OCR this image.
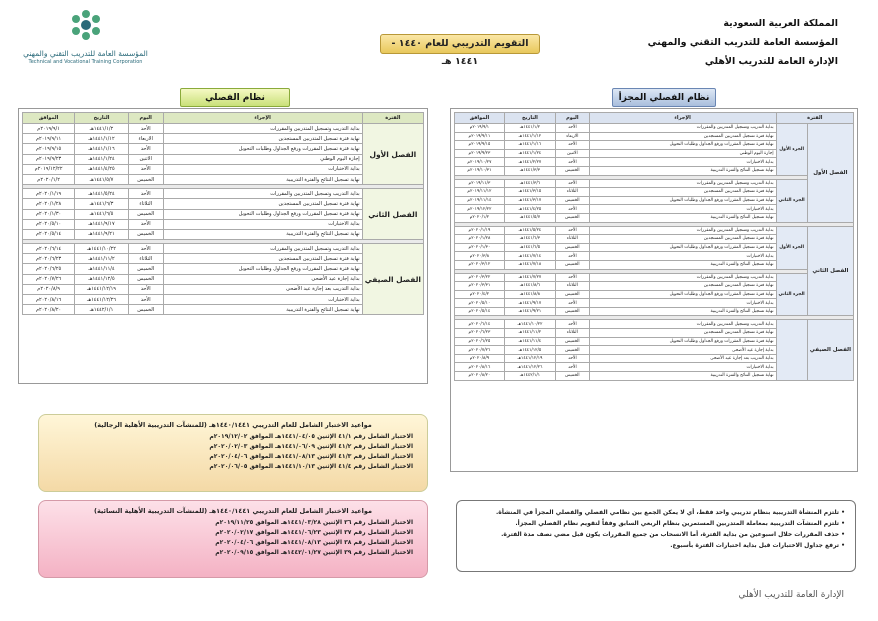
المملكة العربية السعودية
المؤسسة العامة للتدريب التقني والمهني
الإدارة العامة للتدريب الأهلي
المؤسسة العامة للتدريب التقني والمهني
Technical and Vocational Training Corporation
التقويم التدريبي للعام ١٤٤٠ - ١٤٤١ هـ
نظام الفصلي
الفترة	الإجراء	اليوم	التاريخ	الموافق
الفصل الأول	بداية التدريب وتسجيل المتدربين والمقررات	الأحد	١٤٤١/١/٢هـ	٢٠١٩/٩/١م
	نهاية فترة تسجيل المتدربين المستجدين	الاربعاء	١٤٤١/١/١٢هـ	٢٠١٩/٩/١١م
	نهاية فترة تسجيل المقررات ورفع الجداول وطلبات التحويل	الأحد	١٤٤١/١/١٦هـ	٢٠١٩/٩/١٥م
	إجازة اليوم الوطني	الاثنين	١٤٤١/١/٢٤هـ	٢٠١٩/٩/٢٣م
	بداية الاختبارات	الأحد	١٤٤١/٤/٢٥هـ	٢٠١٩/١٢/٢٢م
	نهاية تسجيل النتائج والفترة التدريبية	الخميس	١٤٤١/٥/٧هـ	٢٠٢٠/١/٢م

الفصل الثاني	بداية التدريب وتسجيل المتدربين والمقررات	الأحد	١٤٤١/٥/٢٤هـ	٢٠٢٠/١/١٩م
	نهاية فترة تسجيل المتدربين المستجدين	الثلاثاء	١٤٤١/٦/٣هـ	٢٠٢٠/١/٢٨م
	نهاية فترة تسجيل المقررات ورفع الجداول وطلبات التحويل	الخميس	١٤٤١/٦/٥هـ	٢٠٢٠/١/٣٠م
	بداية الاختبارات	الأحد	١٤٤١/٩/١٧هـ	٢٠٢٠/٥/١٠م
	نهاية تسجيل النتائج والفترة التدريبية	الخميس	١٤٤١/٩/٢١هـ	٢٠٢٠/٥/١٤م

الفصل الصيفي	بداية التدريب وتسجيل المتدربين والمقررات	الأحد	١٤٤١/١٠/٢٢هـ	٢٠٢٠/٦/١٤م
	نهاية فترة تسجيل المتدربين المستجدين	الثلاثاء	١٤٤١/١١/٢هـ	٢٠٢٠/٦/٢٣م
	نهاية فترة تسجيل المقررات ورفع الجداول وطلبات التحويل	الخميس	١٤٤١/١١/٤هـ	٢٠٢٠/٦/٢٥م
	بداية إجازة عيد الأضحى	الخميس	١٤٤١/١٢/٥هـ	٢٠٢٠/٧/٢٦م
	بداية التدريب بعد إجازة عيد الأضحى	الأحد	١٤٤١/١٢/١٩هـ	٢٠٢٠/٨/٩م
	بداية الاختبارات	الأحد	١٤٤١/١٢/٢٦هـ	٢٠٢٠/٨/١٦م
	نهاية تسجيل النتائج والفترة التدريبية	الخميس	١٤٤٢/١/١هـ	٢٠٢٠/٨/٢٠م
نظام الفصلي المجزأ
الفترة		الإجراء	اليوم	التاريخ	الموافق
الفصل الأول	الجزء الأول	بداية التدريب وتسجيل المتدربين والمقررات	الأحد	١٤٤١/١/٢هـ	٢٠١٩/٩/١م
		نهاية فترة تسجيل المتدربين المستجدين	الاربعاء	١٤٤١/١/١٢هـ	٢٠١٩/٩/١١م
		نهاية فترة تسجيل المقررات ورفع الجداول وطلبات التحويل	الأحد	١٤٤١/١/١٦هـ	٢٠١٩/٩/١٥م
		إجازة اليوم الوطني	الاثنين	١٤٤١/١/٢٤هـ	٢٠١٩/٩/٢٣م
		بداية الاختبارات	الأحد	١٤٤١/٢/٢٧هـ	٢٠١٩/١٠/٢٧م
		نهاية تسجيل النتائج والفترة التدريبية	الخميس	١٤٤١/٣/٣هـ	٢٠١٩/١٠/٣١م

	الجزء الثاني	بداية التدريب وتسجيل المتدربين والمقررات	الأحد	١٤٤١/٣/٦هـ	٢٠١٩/١١/٣م
		نهاية فترة تسجيل المتدربين المستجدين	الثلاثاء	١٤٤١/٣/١٥هـ	٢٠١٩/١١/١٢م
		نهاية فترة تسجيل المقررات ورفع الجداول وطلبات التحويل	الخميس	١٤٤١/٣/١٧هـ	٢٠١٩/١١/١٤م
		بداية الاختبارات	الأحد	١٤٤١/٤/٢٥هـ	٢٠١٩/١٢/٢٢م
		نهاية تسجيل النتائج والفترة التدريبية	الخميس	١٤٤١/٥/٧هـ	٢٠٢٠/١/٢م

الفصل الثاني	الجزء الأول	بداية التدريب وتسجيل المتدربين والمقررات	الأحد	١٤٤١/٥/٢٤هـ	٢٠٢٠/١/١٩م
		نهاية فترة تسجيل المتدربين المستجدين	الثلاثاء	١٤٤١/٦/٣هـ	٢٠٢٠/١/٢٨م
		نهاية فترة تسجيل المقررات ورفع الجداول وطلبات التحويل	الخميس	١٤٤١/٦/٥هـ	٢٠٢٠/١/٣٠م
		بداية الاختبارات	الأحد	١٤٤١/٧/١٤هـ	٢٠٢٠/٣/٨م
		نهاية تسجيل النتائج والفترة التدريبية	الخميس	١٤٤١/٧/١٨هـ	٢٠٢٠/٣/١٢م

	الجزء الثاني	بداية التدريب وتسجيل المتدربين والمقررات	الأحد	١٤٤١/٧/٢٧هـ	٢٠٢٠/٣/٢٢م
		نهاية فترة تسجيل المتدربين المستجدين	الثلاثاء	١٤٤١/٨/٦هـ	٢٠٢٠/٣/٣١م
		نهاية فترة تسجيل المقررات ورفع الجداول وطلبات التحويل	الخميس	١٤٤١/٨/٨هـ	٢٠٢٠/٤/٢م
		بداية الاختبارات	الأحد	١٤٤١/٩/١٧هـ	٢٠٢٠/٥/١٠م
		نهاية تسجيل النتائج والفترة التدريبية	الخميس	١٤٤١/٩/٢١هـ	٢٠٢٠/٥/١٤م

الفصل الصيفي		بداية التدريب وتسجيل المتدربين والمقررات	الأحد	١٤٤١/١٠/٢٢هـ	٢٠٢٠/٦/١٤م
		نهاية فترة تسجيل المتدربين المستجدين	الثلاثاء	١٤٤١/١١/٢هـ	٢٠٢٠/٦/٢٣م
		نهاية فترة تسجيل المقررات ورفع الجداول وطلبات التحويل	الخميس	١٤٤١/١١/٤هـ	٢٠٢٠/٦/٢٥م
		بداية إجازة عيد الأضحى	الخميس	١٤٤١/١٢/٥هـ	٢٠٢٠/٧/٢٦م
		بداية التدريب بعد إجازة عيد الأضحى	الأحد	١٤٤١/١٢/١٩هـ	٢٠٢٠/٨/٩م
		بداية الاختبارات	الأحد	١٤٤١/١٢/٢٦هـ	٢٠٢٠/٨/١٦م
		نهاية تسجيل النتائج والفترة التدريبية	الخميس	١٤٤٢/١/١هـ	٢٠٢٠/٨/٢٠م
مواعيد الاختبار الشامل للعام التدريبي ١٤٤٠/١٤٤١هـ (للمنشآت التدريبية الأهلية الرجالية)
الاختبار الشامل رقم ٤١/١ الإثنين ١٤٤١/٠٤/٠٥هـ الموافق ٢٠١٩/١٢/٠٢م
الاختبار الشامل رقم ٤١/٢ الإثنين ١٤٤١/٠٦/٠٩هـ الموافق ٢٠٢٠/٠٢/٠٣م
الاختبار الشامل رقم ٤١/٣ الإثنين ١٤٤١/٠٨/١٣هـ الموافق ٢٠٢٠/٠٤/٠٦م
الاختبار الشامل رقم ٤١/٤ الإثنين ١٤٤١/١٠/١٣هـ الموافق ٢٠٢٠/٠٦/٠٥م
مواعيد الاختبار الشامل للعام التدريبي ١٤٤٠/١٤٤١هـ (للمنشآت التدريبية الأهلية النسائية)
الاختبار الشامل رقم ٣٦ الإثنين ١٤٤١/٠٣/٢٨هـ الموافق ٢٠١٩/١١/٢٥م
الاختبار الشامل رقم ٣٧ الإثنين ١٤٤١/٠٦/٢٣هـ الموافق ٢٠٢٠/٠٢/١٧م
الاختبار الشامل رقم ٣٨ الإثنين ١٤٤١/٠٨/١٣هـ الموافق ٢٠٢٠/٠٤/٠٦م
الاختبار الشامل رقم ٣٩ الإثنين ١٤٤٢/٠١/٢٧هـ الموافق ٢٠٢٠/٠٩/١٥م
• تلتزم المنشأة التدريبية بنظام تدريبي واحد فقط، أي لا يمكن الجمع بين نظامي الفصلي والفصلي المجزأ في المنشأة.
• تلتزم المنشآت التدريبية بمعاملة المتدربين المستمرين بنظام الربعي السابق وفقاً لتقويم نظام الفصلي المجزأ.
• حذف المقررات خلال اسبوعين من بداية الفترة، أما الانسحاب من جميع المقررات يكون قبل مضي نصف مدة الفترة.
• ترفع جداول الاختبارات قبل بداية اختبارات الفترة بأسبوع.
الإدارة العامة للتدريب الأهلي
